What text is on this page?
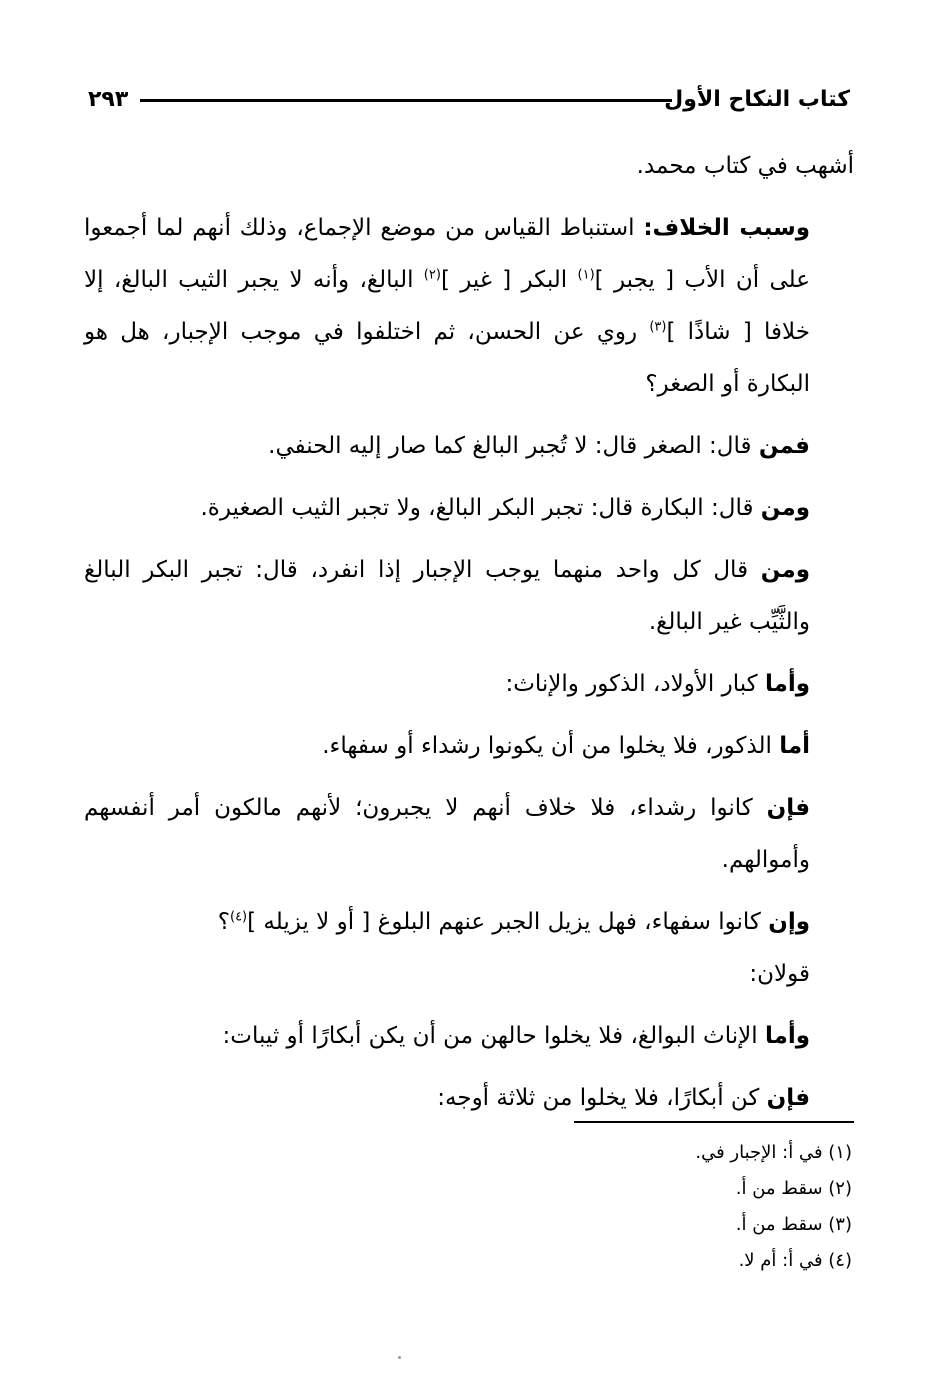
كتاب النكاح الأول
٢٩٣

أشهب في كتاب محمد.

وسبب الخلاف: استنباط القياس من موضع الإجماع، وذلك أنهم لما أجمعوا على أن الأب [ يجبر ]$^{(١)}$ البكر [ غير ]$^{(٢)}$ البالغ، وأنه لا يجبر الثيب البالغ، إلا خلافا [ شاذًا ]$^{(٣)}$ روي عن الحسن، ثم اختلفوا في موجب الإجبار، هل هو البكارة أو الصغر؟

فمن قال: الصغر قال: لا تُجبر البالغ كما صار إليه الحنفي.

ومن قال: البكارة قال: تجبر البكر البالغ، ولا تجبر الثيب الصغيرة.

ومن قال كل واحد منهما يوجب الإجبار إذا انفرد، قال: تجبر البكر البالغ والثَّيِّب غير البالغ.

وأما كبار الأولاد، الذكور والإناث:

أما الذكور، فلا يخلوا من أن يكونوا رشداء أو سفهاء.

فإن كانوا رشداء، فلا خلاف أنهم لا يجبرون؛ لأنهم مالكون أمر أنفسهم وأموالهم.

وإن كانوا سفهاء، فهل يزيل الجبر عنهم البلوغ [ أو لا يزيله ]$^{(٤)}$؟

قولان:

وأما الإناث البوالغ، فلا يخلوا حالهن من أن يكن أبكارًا أو ثيبات:

فإن كن أبكارًا، فلا يخلوا من ثلاثة أوجه:

(١) في أ: الإجبار في.
(٢) سقط من أ.
(٣) سقط من أ.
(٤) في أ: أم لا.
